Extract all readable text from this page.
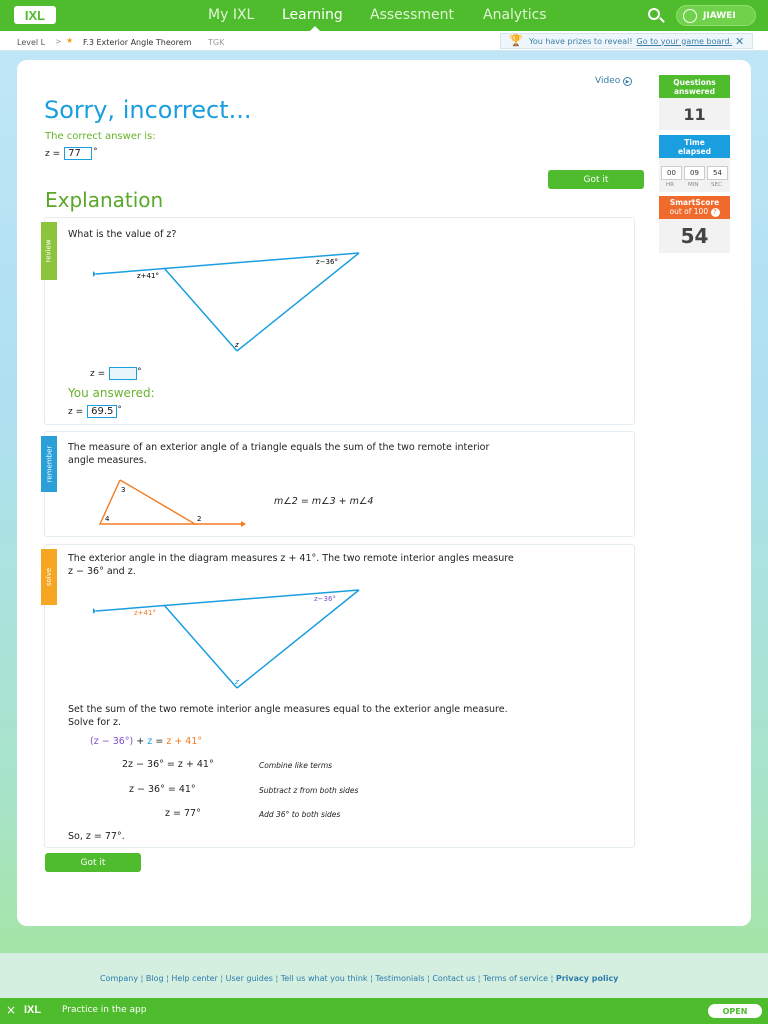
IXL	My IXL Learning Assessment Analytics	JIAWEI
Level L > ★ F.3 Exterior Angle Theorem TGK	🏆 You have prizes to reveal! Go to your game board. ✕
Video ▶
Sorry, incorrect...
The correct answer is:
z = 77	°
Got it
Explanation
review
What is the value of z?
z+41°
z−36°
z
z =	°
You answered:
z = 69.5 °
remember The measure of an exterior angle of a triangle equals the sum of the two remote interior
angle measures.
3
4	2
m∠2 = m∠3 + m∠4
solve
The exterior angle in the diagram measures z + 41°. The two remote interior angles measure
z − 36° and z.
z+41°
z−36°
z
Set the sum of the two remote interior angle measures equal to the exterior angle measure.
Solve for z.
(z − 36°) + z = z + 41°
2z − 36° = z + 41°	Combine like terms
z − 36° = 41°	Subtract z from both sides
z = 77°	Add 36° to both sides
So, z = 77°.
Got it
Questions
answered
11
Time
elapsed
00	09	54
HR	MIN SEC
SmartScore
out of 100 ?
54
Company ¦ Blog ¦ Help center ¦ User guides ¦ Tell us what you think ¦ Testimonials ¦ Contact us ¦ Terms of service ¦ Privacy policy
× IXL Practice in the app	OPEN
